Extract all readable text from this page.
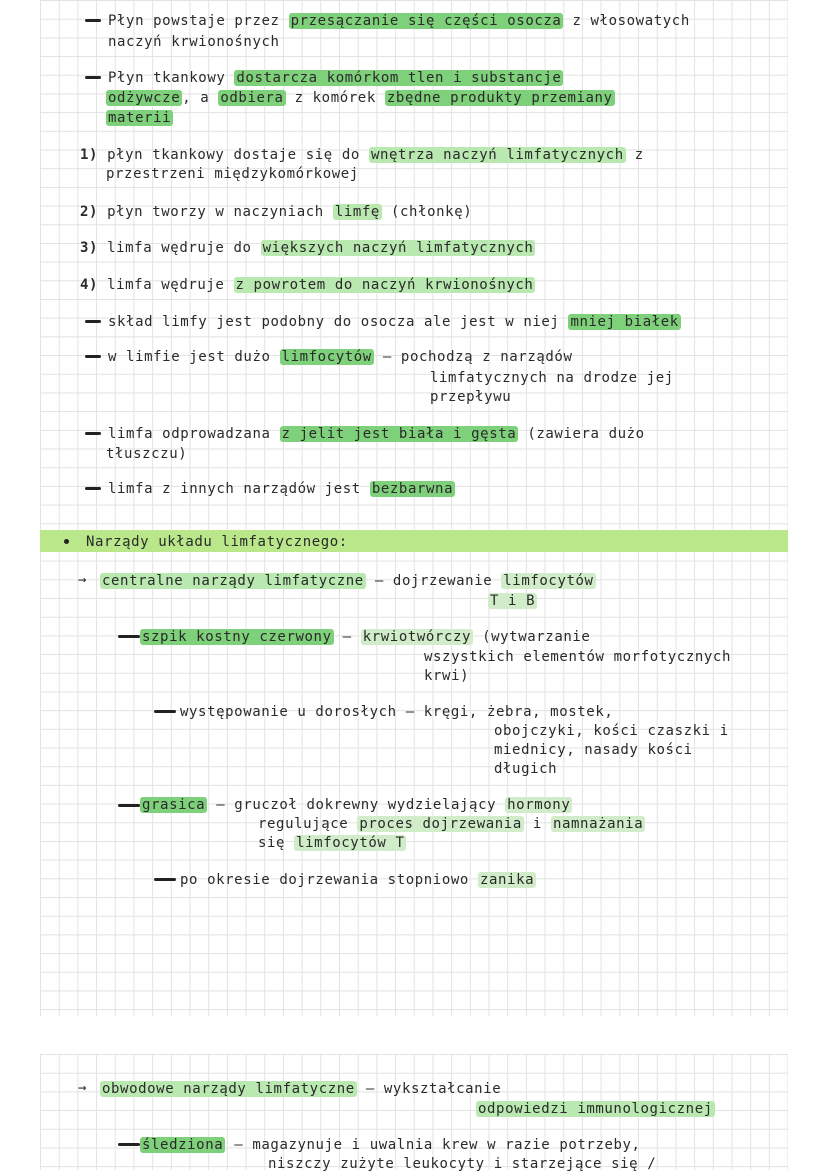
Płyn powstaje przez przesączanie się części osocza z włosowatych
naczyń krwionośnych
Płyn tkankowy dostarcza komórkom tlen i substancje
odżywcze , a odbiera z komórek zbędne produkty przemiany
materii
1) płyn tkankowy dostaje się do wnętrza naczyń limfatycznych z
przestrzeni międzykomórkowej
2) płyn tworzy w naczyniach limfę (chłonkę)
3) limfa wędruje do większych naczyń limfatycznych
4) limfa wędruje z powrotem do naczyń krwionośnych
skład limfy jest podobny do osocza ale jest w niej mniej białek
w limfie jest dużo limfocytów – pochodzą z narządów
limfatycznych na drodze jej
przepływu
limfa odprowadzana z jelit jest biała i gęsta (zawiera dużo
tłuszczu)
limfa z innych narządów jest bezbarwna
Narządy układu limfatycznego:
→ centralne narządy limfatyczne – dojrzewanie limfocytów
T i B
szpik kostny czerwony – krwiotwórczy (wytwarzanie
wszystkich elementów morfotycznych
krwi)
występowanie u dorosłych – kręgi, żebra, mostek,
obojczyki, kości czaszki i
miednicy, nasady kości
długich
grasica – gruczoł dokrewny wydzielający hormony
regulujące proces dojrzewania i namnażania
się limfocytów T
po okresie dojrzewania stopniowo zanika
→ obwodowe narządy limfatyczne – wykształcanie
odpowiedzi immunologicznej
śledziona – magazynuje i uwalnia krew w razie potrzeby,
niszczy zużyte leukocyty i starzejące się /
